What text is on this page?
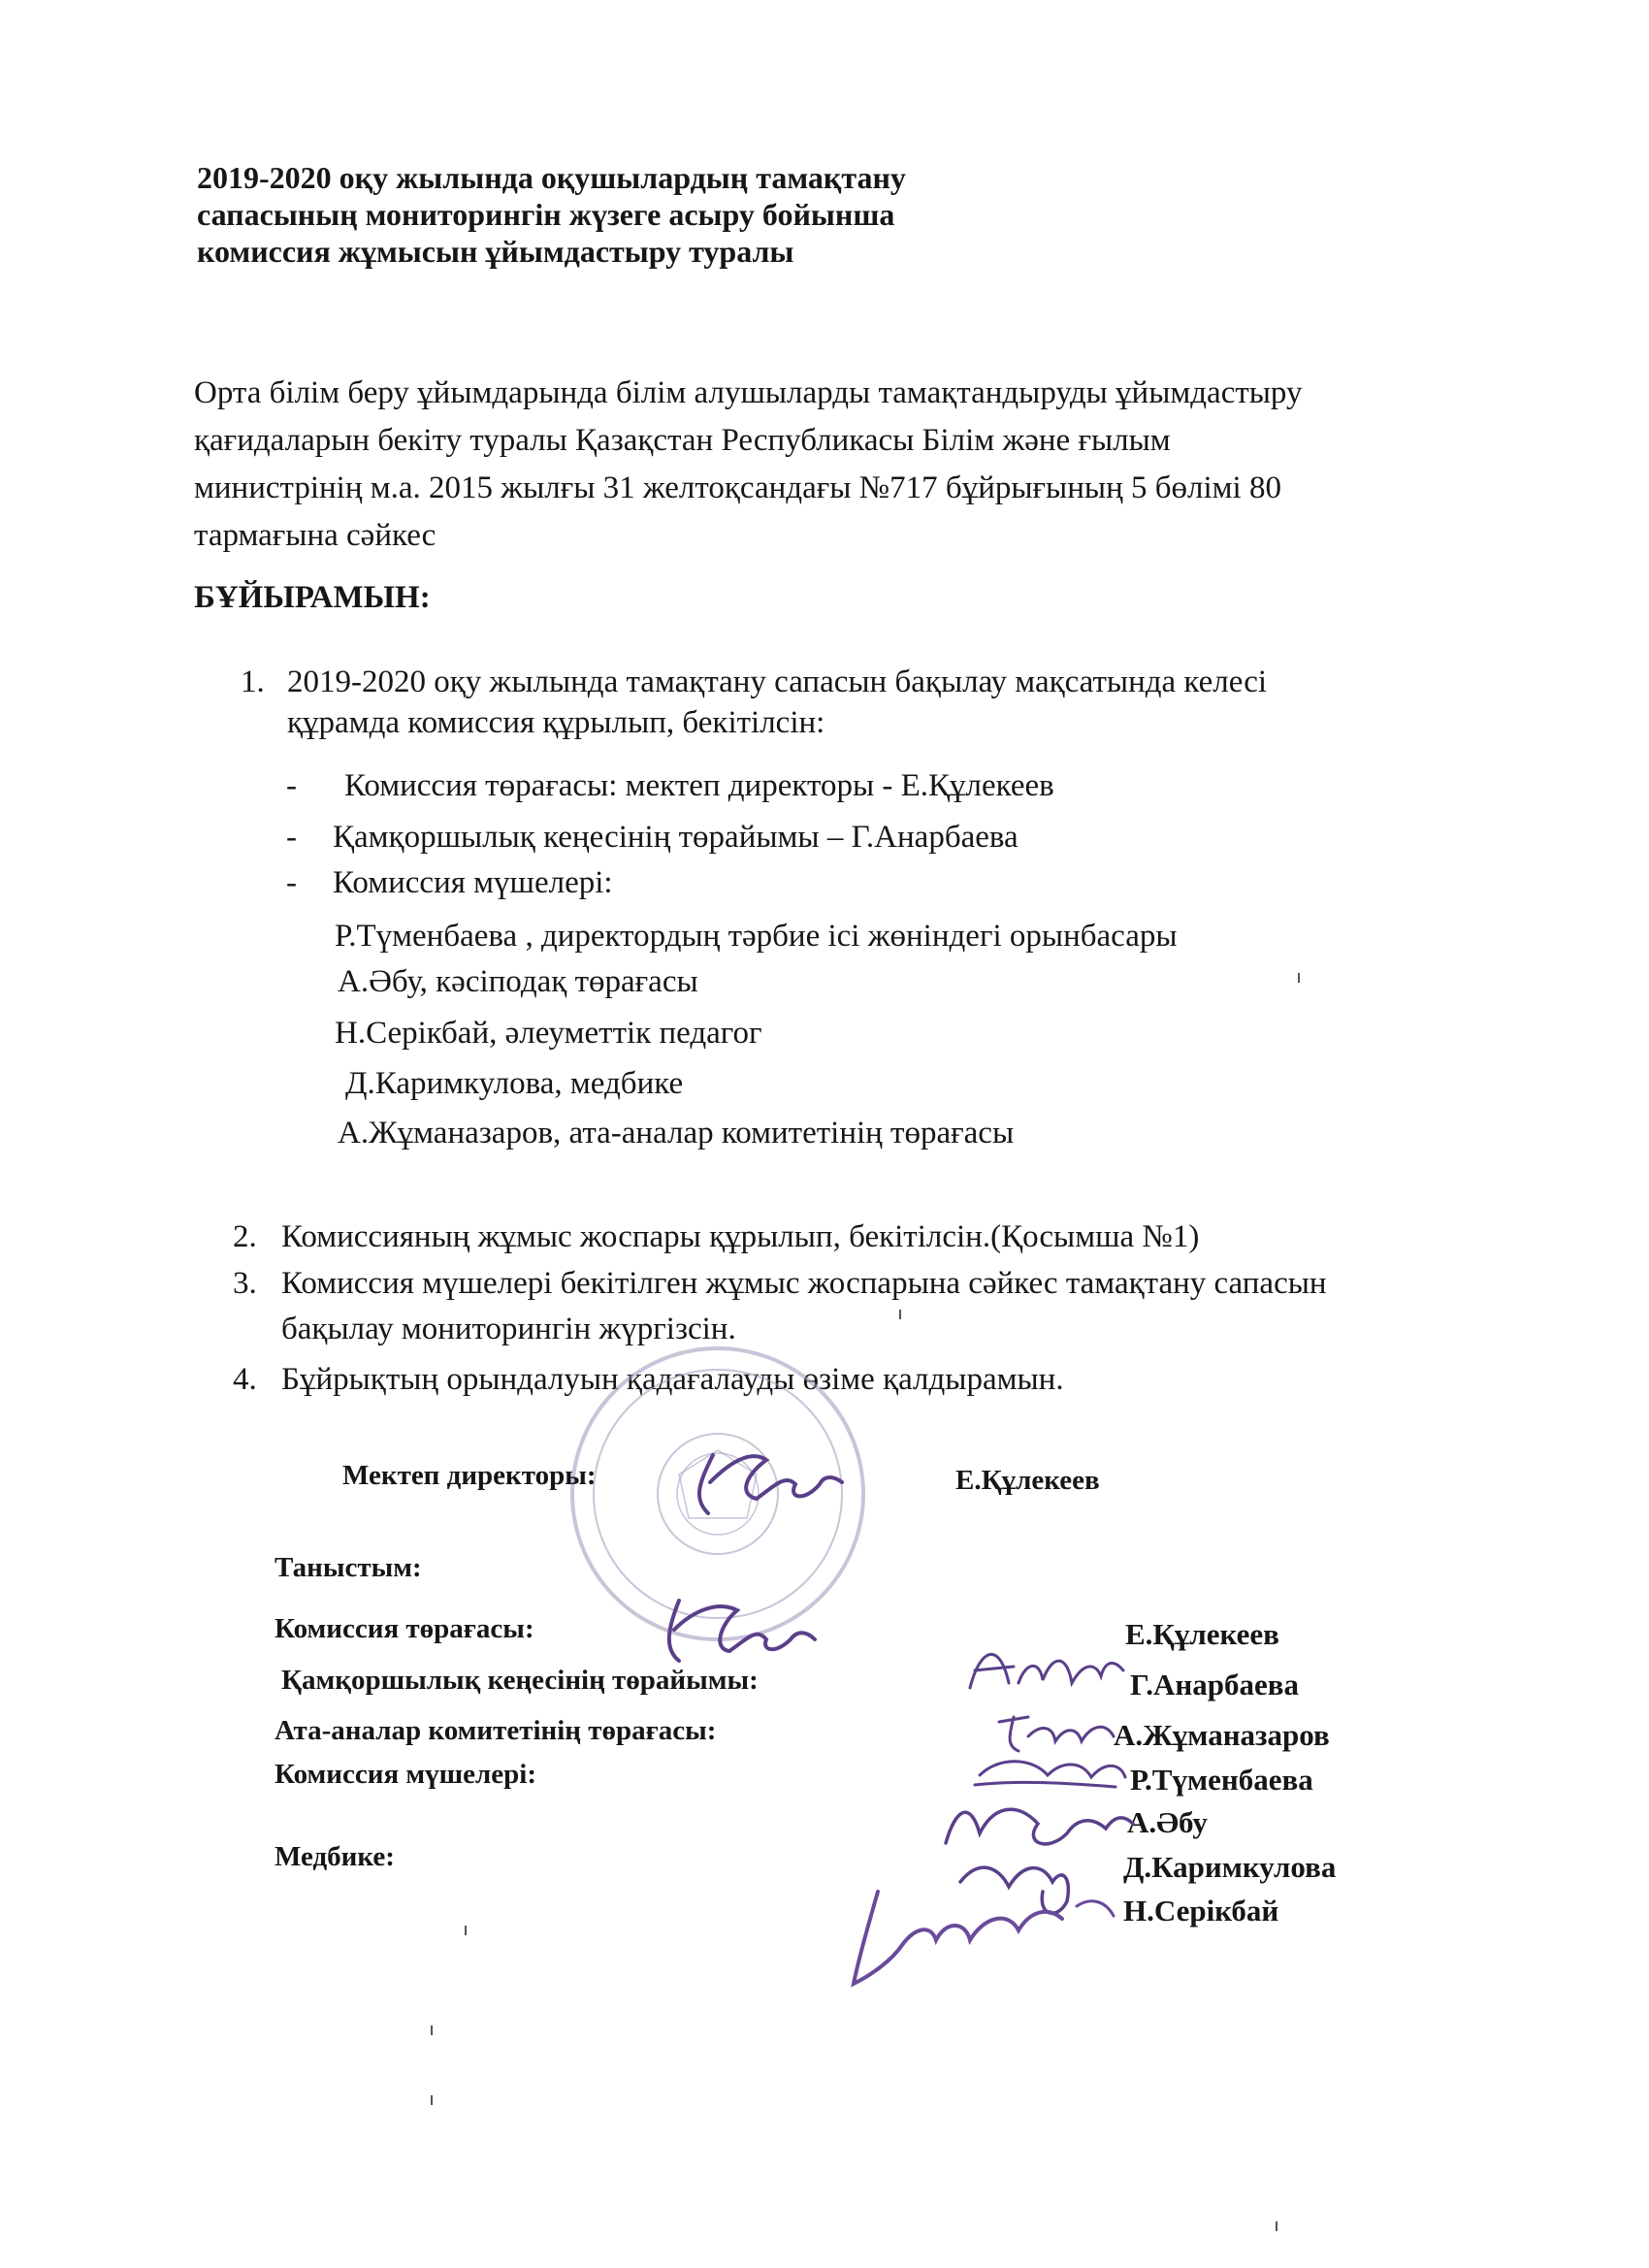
2019-2020 оқу жылында оқушылардың тамақтану
сапасының мониторингін жүзеге асыру бойынша
комиссия жұмысын ұйымдастыру туралы
Орта білім беру ұйымдарында білім алушыларды тамақтандыруды ұйымдастыру
қағидаларын бекіту туралы Қазақстан Республикасы Білім және ғылым
министрінің м.а. 2015 жылғы 31 желтоқсандағы №717 бұйрығының 5 бөлімі 80
тармағына сәйкес
БҰЙЫРАМЫН:
1. 2019-2020 оқу жылында тамақтану сапасын бақылау мақсатында келесі
құрамда комиссия құрылып, бекітілсін:
- Комиссия төрағасы: мектеп директоры - Е.Құлекеев
- Қамқоршылық кеңесінің төрайымы – Г.Анарбаева
- Комиссия мүшелері:
Р.Түменбаева , директордың тәрбие ісі жөніндегі орынбасары
А.Әбу, кәсіподақ төрағасы
Н.Серікбай, әлеуметтік педагог
Д.Каримкулова, медбике
А.Жұманазаров, ата-аналар комитетінің төрағасы
2. Комиссияның жұмыс жоспары құрылып, бекітілсін.(Қосымша №1)
3. Комиссия мүшелері бекітілген жұмыс жоспарына сәйкес тамақтану сапасын
бақылау мониторингін жүргізсін.
4. Бұйрықтың орындалуын қадағалауды өзіме қалдырамын.
Мектеп директоры:	Е.Құлекеев
Таныстым:
Комиссия төрағасы:	Е.Құлекеев
Қамқоршылық кеңесінің төрайымы:	Г.Анарбаева
Ата-аналар комитетінің төрағасы:	А.Жұманазаров
Комиссия мүшелері:	Р.Түменбаева
А.Әбу
Медбике:	Д.Каримкулова
Н.Серікбай
